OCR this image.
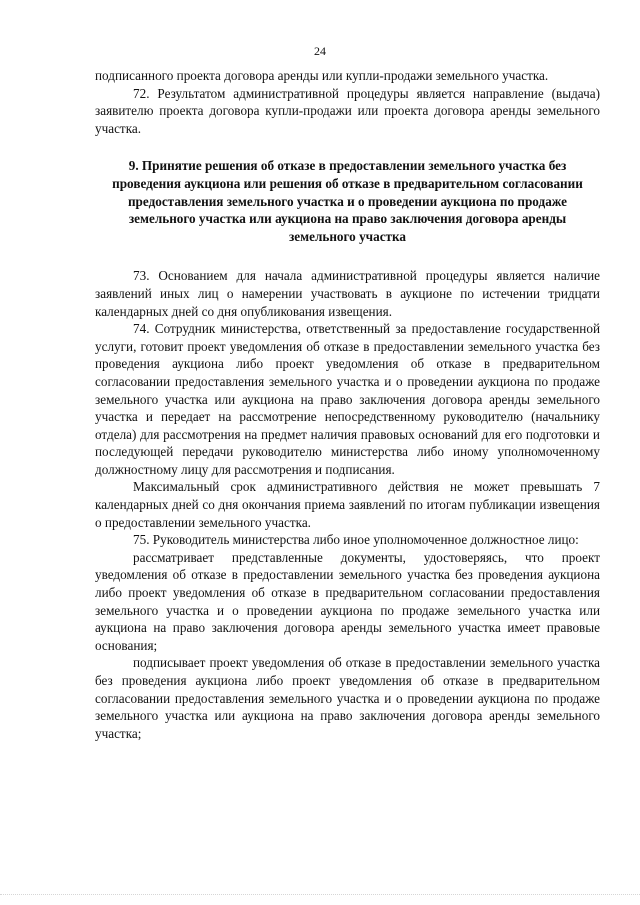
24

подписанного проекта договора аренды или купли-продажи земельного участка.

72. Результатом административной процедуры является направление (выдача) заявителю проекта договора купли-продажи или проекта договора аренды земельного участка.

9. Принятие решения об отказе в предоставлении земельного участка без проведения аукциона или решения об отказе в предварительном согласовании предоставления земельного участка и о проведении аукциона по продаже земельного участка или аукциона на право заключения договора аренды земельного участка

73. Основанием для начала административной процедуры является наличие заявлений иных лиц о намерении участвовать в аукционе по истечении тридцати календарных дней со дня опубликования извещения.

74. Сотрудник министерства, ответственный за предоставление государственной услуги, готовит проект уведомления об отказе в предоставлении земельного участка без проведения аукциона либо проект уведомления об отказе в предварительном согласовании предоставления земельного участка и о проведении аукциона по продаже земельного участка или аукциона на право заключения договора аренды земельного участка и передает на рассмотрение непосредственному руководителю (начальнику отдела) для рассмотрения на предмет наличия правовых оснований для его подготовки и последующей передачи руководителю министерства либо иному уполномоченному должностному лицу для рассмотрения и подписания.

Максимальный срок административного действия не может превышать 7 календарных дней со дня окончания приема заявлений по итогам публикации извещения о предоставлении земельного участка.

75. Руководитель министерства либо иное уполномоченное должностное лицо:

рассматривает представленные документы, удостоверяясь, что проект уведомления об отказе в предоставлении земельного участка без проведения аукциона либо проект уведомления об отказе в предварительном согласовании предоставления земельного участка и о проведении аукциона по продаже земельного участка или аукциона на право заключения договора аренды земельного участка имеет правовые основания;

подписывает проект уведомления об отказе в предоставлении земельного участка без проведения аукциона либо проект уведомления об отказе в предварительном согласовании предоставления земельного участка и о проведении аукциона по продаже земельного участка или аукциона на право заключения договора аренды земельного участка;
